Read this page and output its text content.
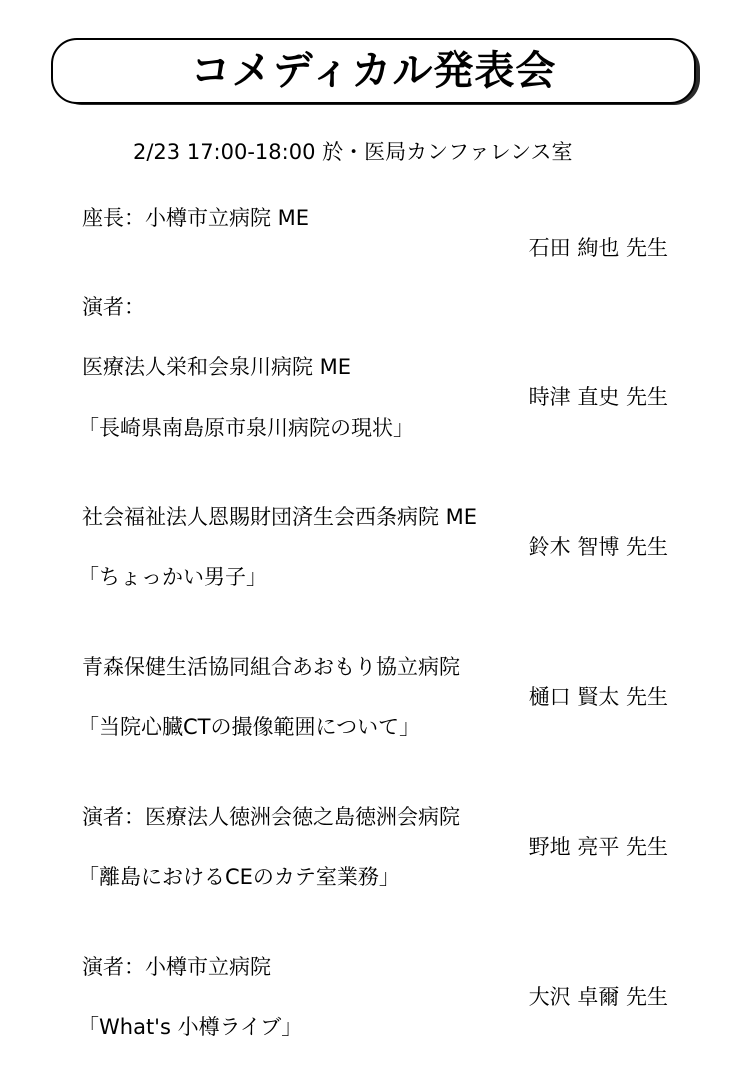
コメディカル発表会
2/23 17:00-18:00 於・医局カンファレンス室
座長：小樽市立病院 ME
石田 絢也 先生
演者：
医療法人栄和会泉川病院 ME
時津 直史 先生
「長崎県南島原市泉川病院の現状」
社会福祉法人恩賜財団済生会西条病院 ME
鈴木 智博 先生
「ちょっかい男子」
青森保健生活協同組合あおもり協立病院
樋口 賢太 先生
「当院心臓CTの撮像範囲について」
演者：医療法人徳洲会徳之島徳洲会病院
野地 亮平 先生
「離島におけるCEのカテ室業務」
演者：小樽市立病院
大沢 卓爾 先生
「What's 小樽ライブ」
